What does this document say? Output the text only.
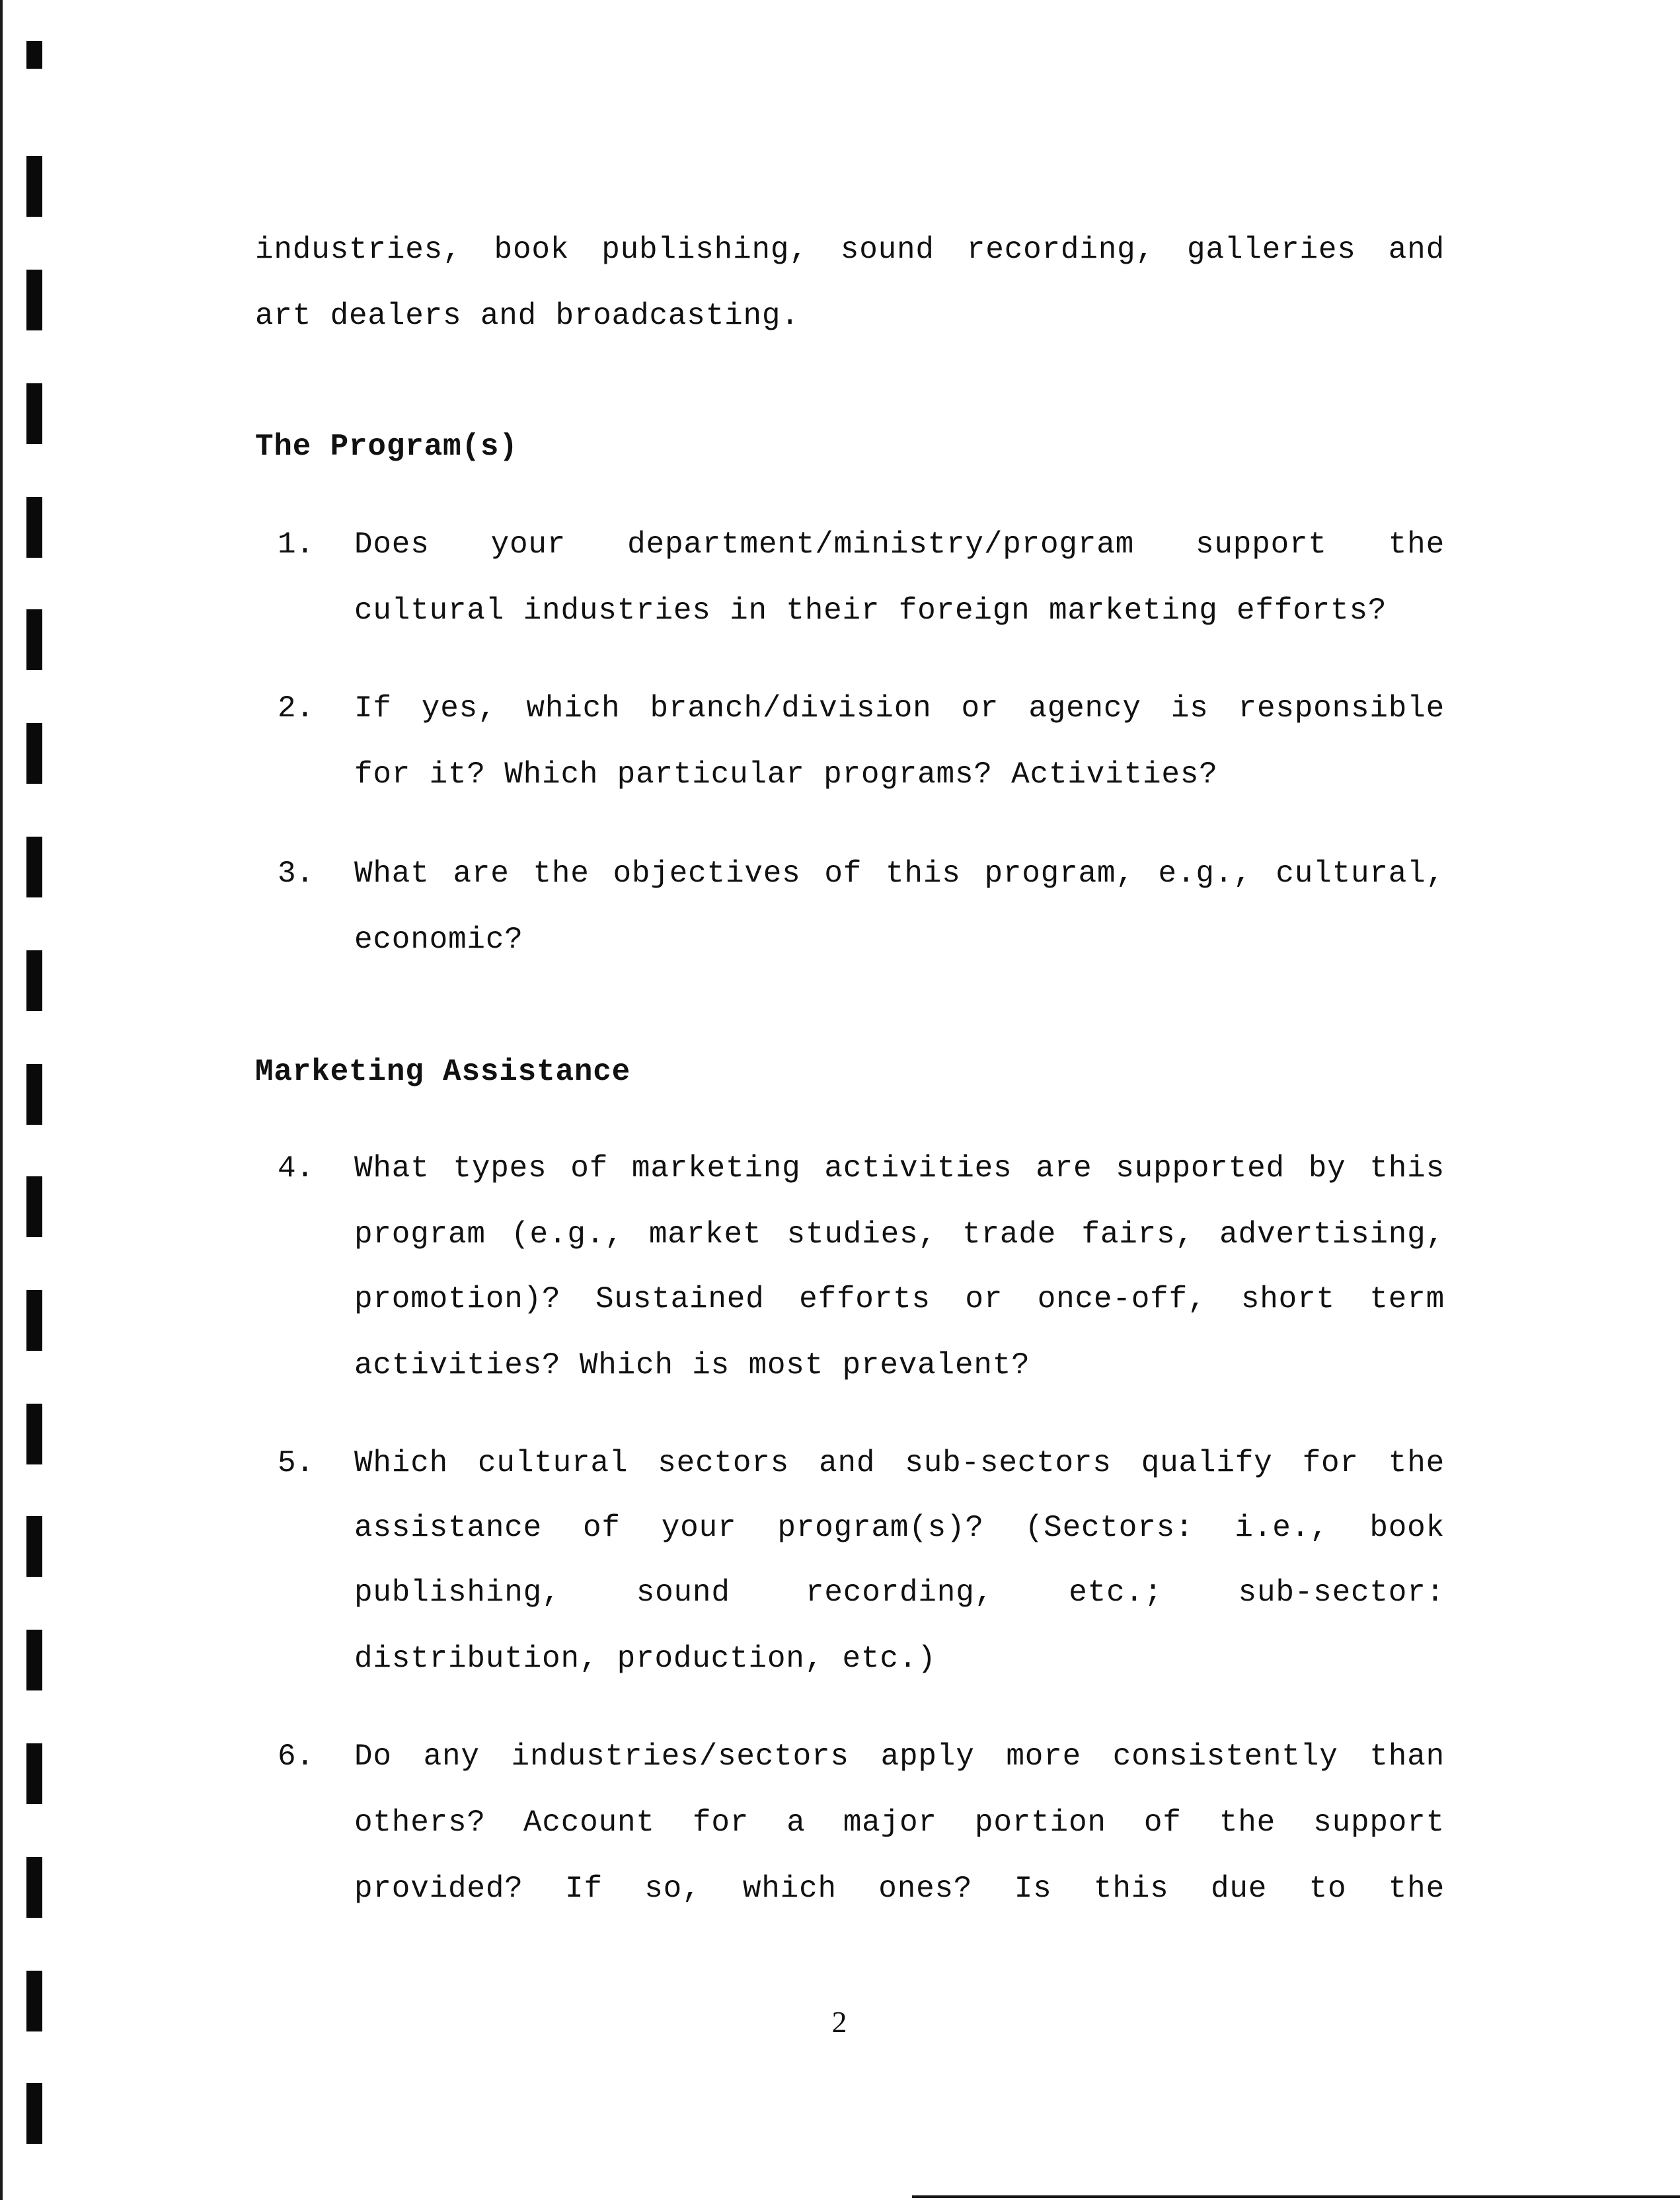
industries, book publishing, sound recording, galleries and
art dealers and broadcasting.
The Program(s)
1. Does your department/ministry/program support the
cultural industries in their foreign marketing efforts?
2. If yes, which branch/division or agency is responsible
for it? Which particular programs? Activities?
3. What are the objectives of this program, e.g., cultural,
economic?
Marketing Assistance
4. What types of marketing activities are supported by this
program (e.g., market studies, trade fairs, advertising,
promotion)? Sustained efforts or once-off, short term
activities? Which is most prevalent?
5. Which cultural sectors and sub-sectors qualify for the
assistance of your program(s)? (Sectors: i.e., book
publishing, sound recording, etc.; sub-sector:
distribution, production, etc.)
6. Do any industries/sectors apply more consistently than
others? Account for a major portion of the support
provided? If so, which ones? Is this due to the
2
